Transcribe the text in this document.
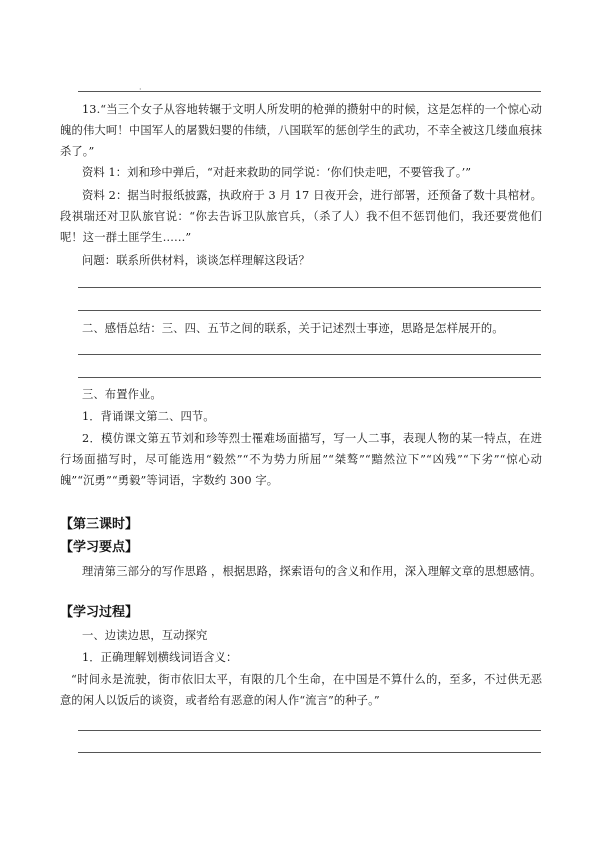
·

13.“当三个女子从容地转辗于文明人所发明的枪弹的攒射中的时候，这是怎样的一个惊心动魄的伟大呵！中国军人的屠戮妇婴的伟绩，八国联军的惩创学生的武功，不幸全被这几缕血痕抹杀了。”

资料 1：刘和珍中弹后，“对赶来救助的同学说：‘你们快走吧，不要管我了。’”

资料 2：据当时报纸披露，执政府于 3 月 17 日夜开会，进行部署，还预备了数十具棺材。段祺瑞还对卫队旅官说：“你去告诉卫队旅官兵，（杀了人）我不但不惩罚他们，我还要赏他们呢！这一群土匪学生……”

问题：联系所供材料，谈谈怎样理解这段话？

二、感悟总结：三、四、五节之间的联系，关于记述烈士事迹，思路是怎样展开的。

三、布置作业。

1．背诵课文第二、四节。

2．模仿课文第五节刘和珍等烈士罹难场面描写，写一人二事，表现人物的某一特点，在进行场面描写时，尽可能选用“毅然”“不为势力所屈”“桀骜”“黯然泣下”“凶残”“下劣”“惊心动魄”“沉勇”“勇毅”等词语，字数约 300 字。

【第三课时】
【学习要点】

理清第三部分的写作思路 ，根据思路，探索语句的含义和作用，深入理解文章的思想感情。

【学习过程】

一、边读边思，互动探究

1．正确理解划横线词语含义：

“时间永是流驶，街市依旧太平，有限的几个生命，在中国是不算什么的，至多，不过供无恶意的闲人以饭后的谈资，或者给有恶意的闲人作“流言”的种子。”
